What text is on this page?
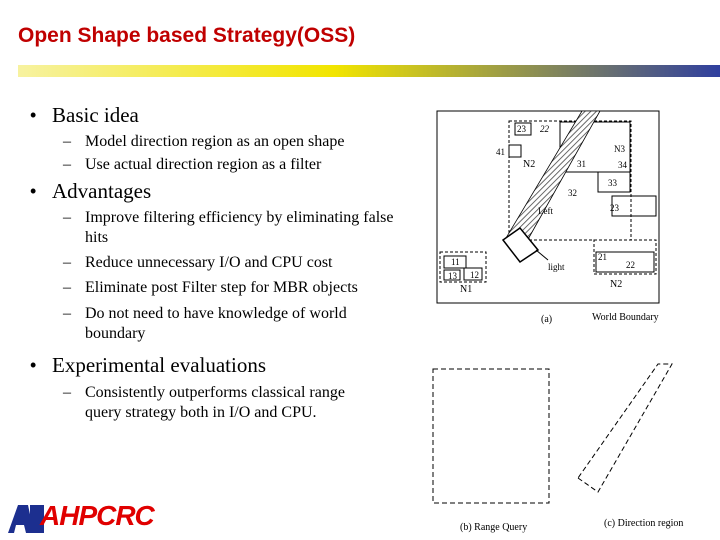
Open Shape based Strategy(OSS)
• Basic idea
– Model direction region as an open shape
– Use actual direction region as a filter
• Advantages
– Improve filtering efficiency by eliminating false hits
– Reduce unnecessary I/O and CPU cost
– Eliminate post Filter step for MBR objects
– Do not need to have knowledge of world boundary
• Experimental evaluations
– Consistently outperforms classical range query strategy both in I/O and CPU.
23 22
N3
41
N2	31	34
32
33
23
Left
light
11
13 12
N1
21
22
N2
(a)	World Boundary
(b) Range Query	(c) Direction region
AHPCRC
